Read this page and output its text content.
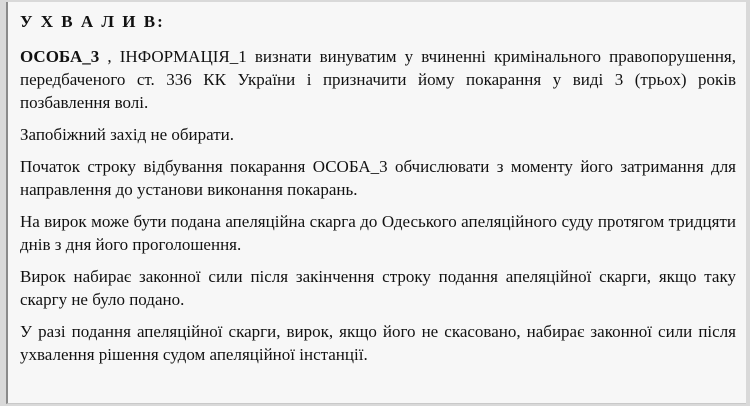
У Х В А Л И В:

ОСОБА_3 , ІНФОРМАЦІЯ_1 визнати винуватим у вчиненні кримінального правопорушення, передбаченого ст. 336 КК України і призначити йому покарання у виді 3 (трьох) років позбавлення волі.

Запобіжний захід не обирати.

Початок строку відбування покарання ОСОБА_3 обчислювати з моменту його затримання для направлення до установи виконання покарань.

На вирок може бути подана апеляційна скарга до Одеського апеляційного суду протягом тридцяти днів з дня його проголошення.

Вирок набирає законної сили після закінчення строку подання апеляційної скарги, якщо таку скаргу не було подано.

У разі подання апеляційної скарги, вирок, якщо його не скасовано, набирає законної сили після ухвалення рішення судом апеляційної інстанції.
